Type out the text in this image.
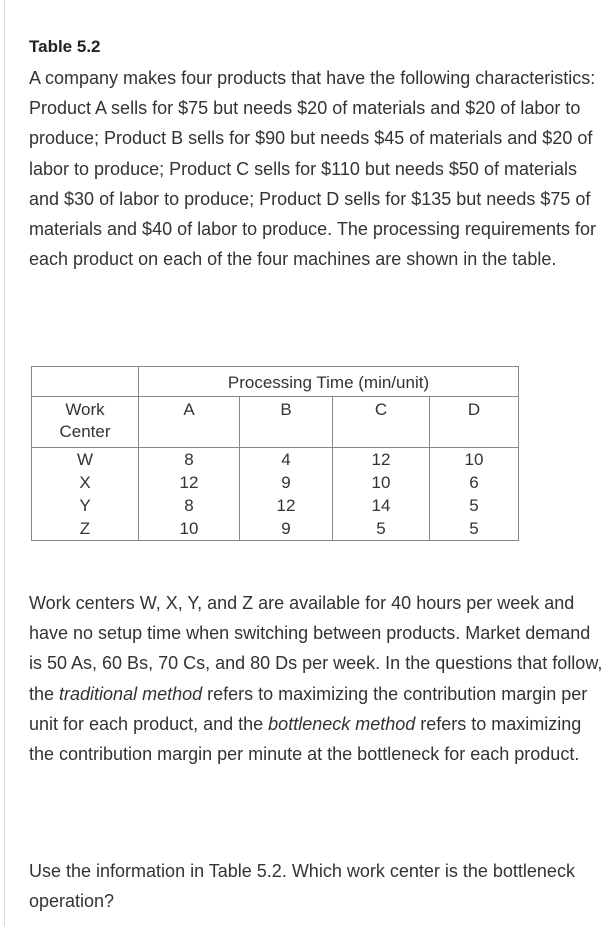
Table 5.2
A company makes four products that have the following characteristics: Product A sells for $75 but needs $20 of materials and $20 of labor to produce; Product B sells for $90 but needs $45 of materials and $20 of labor to produce; Product C sells for $110 but needs $50 of materials and $30 of labor to produce; Product D sells for $135 but needs $75 of materials and $40 of labor to produce. The processing requirements for each product on each of the four machines are shown in the table.
Work centers W, X, Y, and Z are available for 40 hours per week and have no setup time when switching between products. Market demand is 50 As, 60 Bs, 70 Cs, and 80 Ds per week. In the questions that follow, the traditional method refers to maximizing the contribution margin per unit for each product, and the bottleneck method refers to maximizing the contribution margin per minute at the bottleneck for each product.
Use the information in Table 5.2. Which work center is the bottleneck operation?
	Processing Time (min/unit)			
Work
Center	A	B	C	D
W	8	4	12	10
X	12	9	10	6
Y	8	12	14	5
Z	10	9	5	5
